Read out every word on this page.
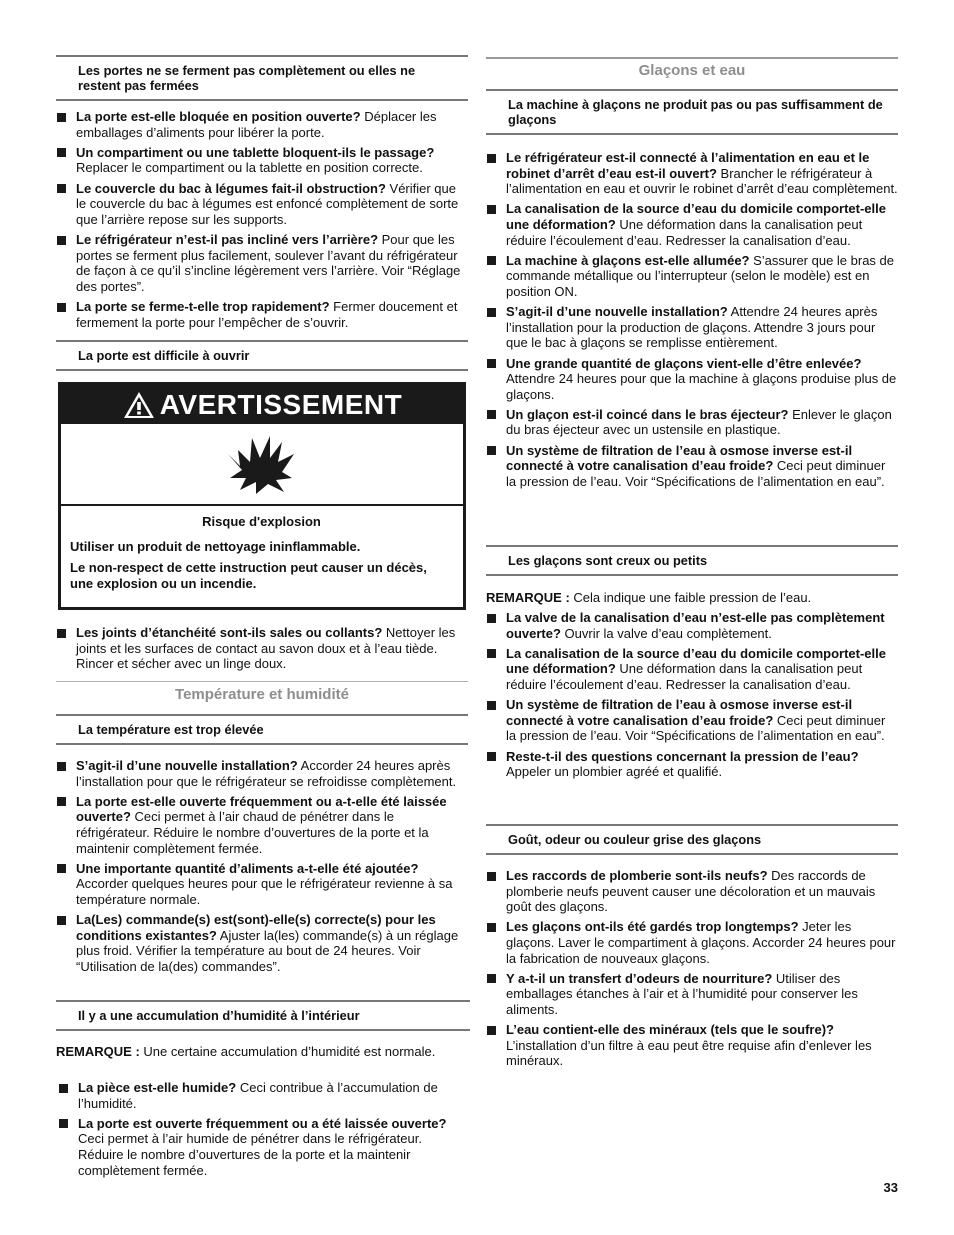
Les portes ne se ferment pas complètement ou elles ne restent pas fermées
La porte est-elle bloquée en position ouverte? Déplacer les emballages d’aliments pour libérer la porte.
Un compartiment ou une tablette bloquent-ils le passage? Replacer le compartiment ou la tablette en position correcte.
Le couvercle du bac à légumes fait-il obstruction? Vérifier que le couvercle du bac à légumes est enfoncé complètement de sorte que l’arrière repose sur les supports.
Le réfrigérateur n’est-il pas incliné vers l’arrière? Pour que les portes se ferment plus facilement, soulever l’avant du réfrigérateur de façon à ce qu’il s’incline légèrement vers l’arrière. Voir “Réglage des portes”.
La porte se ferme-t-elle trop rapidement? Fermer doucement et fermement la porte pour l’empêcher de s’ouvrir.
La porte est difficile à ouvrir
AVERTISSEMENT
Risque d'explosion

Utiliser un produit de nettoyage ininflammable.

Le non-respect de cette instruction peut causer un décès, une explosion ou un incendie.

Les joints d’étanchéité sont-ils sales ou collants? Nettoyer les joints et les surfaces de contact au savon doux et à l’eau tiède. Rincer et sécher avec un linge doux.
Température et humidité
La température est trop élevée
S’agit-il d’une nouvelle installation? Accorder 24 heures après l’installation pour que le réfrigérateur se refroidisse complètement.
La porte est-elle ouverte fréquemment ou a-t-elle été laissée ouverte? Ceci permet à l’air chaud de pénétrer dans le réfrigérateur. Réduire le nombre d’ouvertures de la porte et la maintenir complètement fermée.
Une importante quantité d’aliments a-t-elle été ajoutée? Accorder quelques heures pour que le réfrigérateur revienne à sa température normale.
La(Les) commande(s) est(sont)-elle(s) correcte(s) pour les conditions existantes? Ajuster la(les) commande(s) à un réglage plus froid. Vérifier la température au bout de 24 heures. Voir “Utilisation de la(des) commandes”.
Il y a une accumulation d’humidité à l’intérieur
REMARQUE : Une certaine accumulation d’humidité est normale.
La pièce est-elle humide? Ceci contribue à l’accumulation de l’humidité.
La porte est ouverte fréquemment ou a été laissée ouverte? Ceci permet à l’air humide de pénétrer dans le réfrigérateur. Réduire le nombre d’ouvertures de la porte et la maintenir complètement fermée.
Glaçons et eau
La machine à glaçons ne produit pas ou pas suffisamment de glaçons
Le réfrigérateur est-il connecté à l’alimentation en eau et le robinet d’arrêt d’eau est-il ouvert? Brancher le réfrigérateur à l’alimentation en eau et ouvrir le robinet d’arrêt d’eau complètement.
La canalisation de la source d’eau du domicile comportet-elle une déformation? Une déformation dans la canalisation peut réduire l’écoulement d’eau. Redresser la canalisation d’eau.
La machine à glaçons est-elle allumée? S’assurer que le bras de commande métallique ou l’interrupteur (selon le modèle) est en position ON.
S’agit-il d’une nouvelle installation? Attendre 24 heures après l’installation pour la production de glaçons. Attendre 3 jours pour que le bac à glaçons se remplisse entièrement.
Une grande quantité de glaçons vient-elle d’être enlevée? Attendre 24 heures pour que la machine à glaçons produise plus de glaçons.
Un glaçon est-il coincé dans le bras éjecteur? Enlever le glaçon du bras éjecteur avec un ustensile en plastique.
Un système de filtration de l’eau à osmose inverse est-il connecté à votre canalisation d’eau froide? Ceci peut diminuer la pression de l’eau. Voir “Spécifications de l’alimentation en eau”.
Les glaçons sont creux ou petits
REMARQUE : Cela indique une faible pression de l’eau.
La valve de la canalisation d’eau n’est-elle pas complètement ouverte? Ouvrir la valve d’eau complètement.
La canalisation de la source d’eau du domicile comportet-elle une déformation? Une déformation dans la canalisation peut réduire l’écoulement d’eau. Redresser la canalisation d’eau.
Un système de filtration de l’eau à osmose inverse est-il connecté à votre canalisation d’eau froide? Ceci peut diminuer la pression de l’eau. Voir “Spécifications de l’alimentation en eau”.
Reste-t-il des questions concernant la pression de l’eau? Appeler un plombier agréé et qualifié.
Goût, odeur ou couleur grise des glaçons
Les raccords de plomberie sont-ils neufs? Des raccords de plomberie neufs peuvent causer une décoloration et un mauvais goût des glaçons.
Les glaçons ont-ils été gardés trop longtemps? Jeter les glaçons. Laver le compartiment à glaçons. Accorder 24 heures pour la fabrication de nouveaux glaçons.
Y a-t-il un transfert d’odeurs de nourriture? Utiliser des emballages étanches à l’air et à l’humidité pour conserver les aliments.
L’eau contient-elle des minéraux (tels que le soufre)? L’installation d’un filtre à eau peut être requise afin d’enlever les minéraux.
33
